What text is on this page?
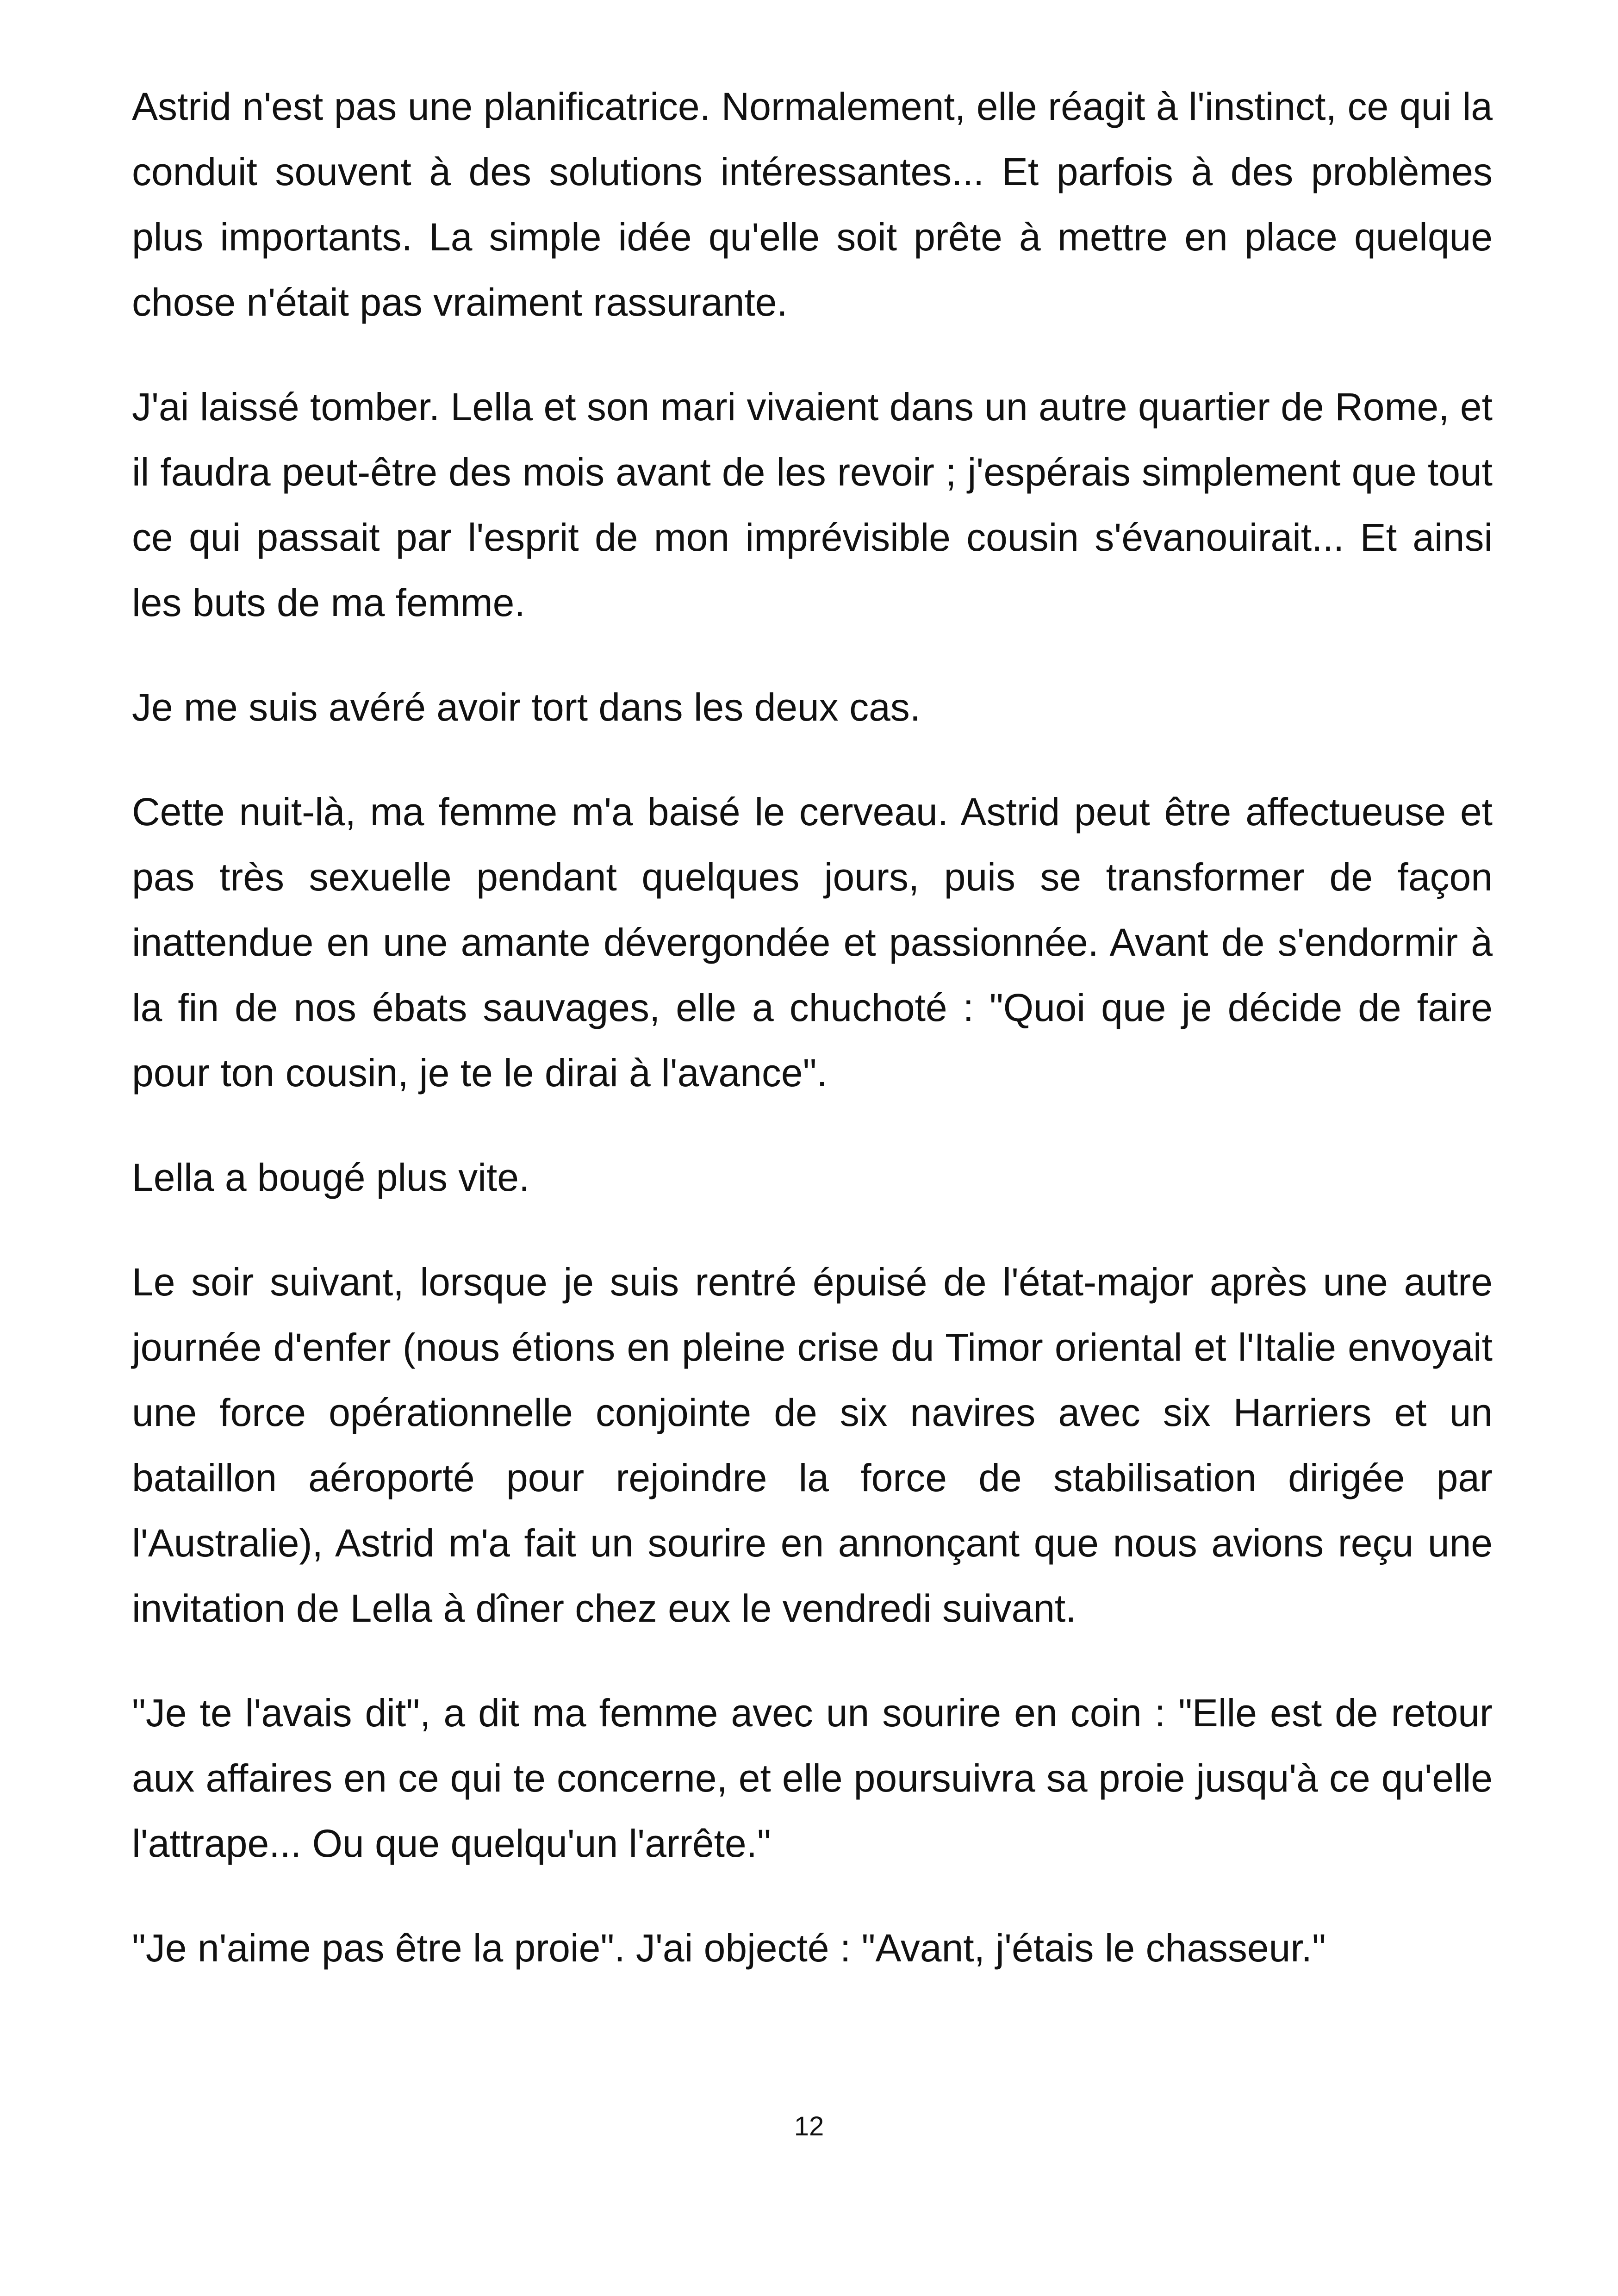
Astrid n'est pas une planificatrice. Normalement, elle réagit à l'instinct, ce qui la conduit souvent à des solutions intéressantes... Et parfois à des problèmes plus importants. La simple idée qu'elle soit prête à mettre en place quelque chose n'était pas vraiment rassurante.

J'ai laissé tomber. Lella et son mari vivaient dans un autre quartier de Rome, et il faudra peut-être des mois avant de les revoir ; j'espérais simplement que tout ce qui passait par l'esprit de mon imprévisible cousin s'évanouirait... Et ainsi les buts de ma femme.

Je me suis avéré avoir tort dans les deux cas.

Cette nuit-là, ma femme m'a baisé le cerveau. Astrid peut être affectueuse et pas très sexuelle pendant quelques jours, puis se transformer de façon inattendue en une amante dévergondée et passionnée. Avant de s'endormir à la fin de nos ébats sauvages, elle a chuchoté : "Quoi que je décide de faire pour ton cousin, je te le dirai à l'avance".

Lella a bougé plus vite.

Le soir suivant, lorsque je suis rentré épuisé de l'état-major après une autre journée d'enfer (nous étions en pleine crise du Timor oriental et l'Italie envoyait une force opérationnelle conjointe de six navires avec six Harriers et un bataillon aéroporté pour rejoindre la force de stabilisation dirigée par l'Australie), Astrid m'a fait un sourire en annonçant que nous avions reçu une invitation de Lella à dîner chez eux le vendredi suivant.

"Je te l'avais dit", a dit ma femme avec un sourire en coin : "Elle est de retour aux affaires en ce qui te concerne, et elle poursuivra sa proie jusqu'à ce qu'elle l'attrape... Ou que quelqu'un l'arrête."

"Je n'aime pas être la proie". J'ai objecté : "Avant, j'étais le chasseur."

12
